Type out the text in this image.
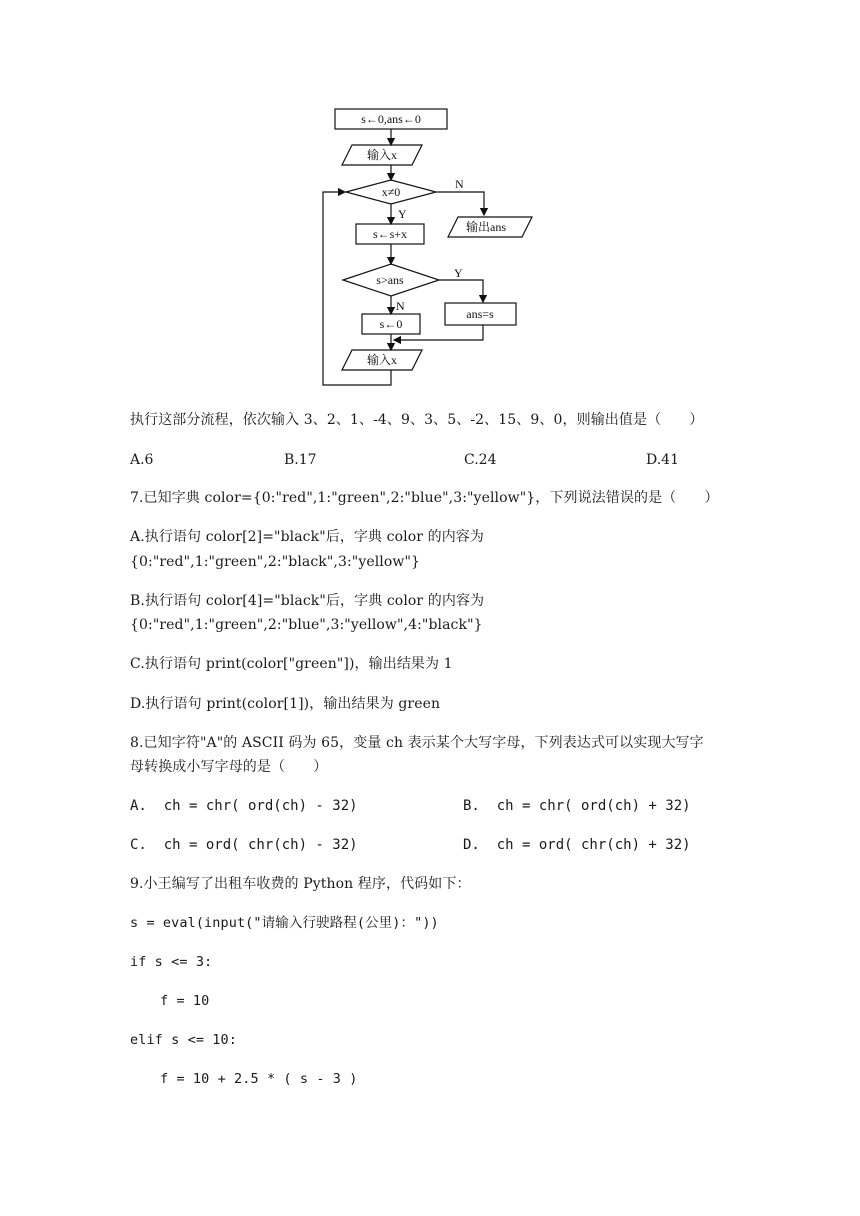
s←0,ans←0
输入x
x≠0
N
Y
输出ans
s←s+x
s>ans	Y
N
ans=s
s←0
输入x
执行这部分流程，依次输入 3、2、1、-4、9、3、5、-2、15、9、0，则输出值是（　　）
A.6	B.17	C.24	D.41
7.已知字典 color={0:"red",1:"green",2:"blue",3:"yellow"}，下列说法错误的是（　　）
A.执行语句 color[2]="black"后，字典 color 的内容为
{0:"red",1:"green",2:"black",3:"yellow"}
B.执行语句 color[4]="black"后，字典 color 的内容为
{0:"red",1:"green",2:"blue",3:"yellow",4:"black"}
C.执行语句 print(color["green"])，输出结果为 1
D.执行语句 print(color[1])，输出结果为 green
8.已知字符"A"的 ASCII 码为 65，变量 ch 表示某个大写字母，下列表达式可以实现大写字
母转换成小写字母的是（　　）
A.  ch = chr( ord(ch) - 32)	B.  ch = chr( ord(ch) + 32)
C.  ch = ord( chr(ch) - 32)	D.  ch = ord( chr(ch) + 32)
9.小王编写了出租车收费的 Python 程序，代码如下：
s = eval(input("请输入行驶路程(公里)："))
if s <= 3:
f = 10
elif s <= 10:
f = 10 + 2.5 * ( s - 3 )
